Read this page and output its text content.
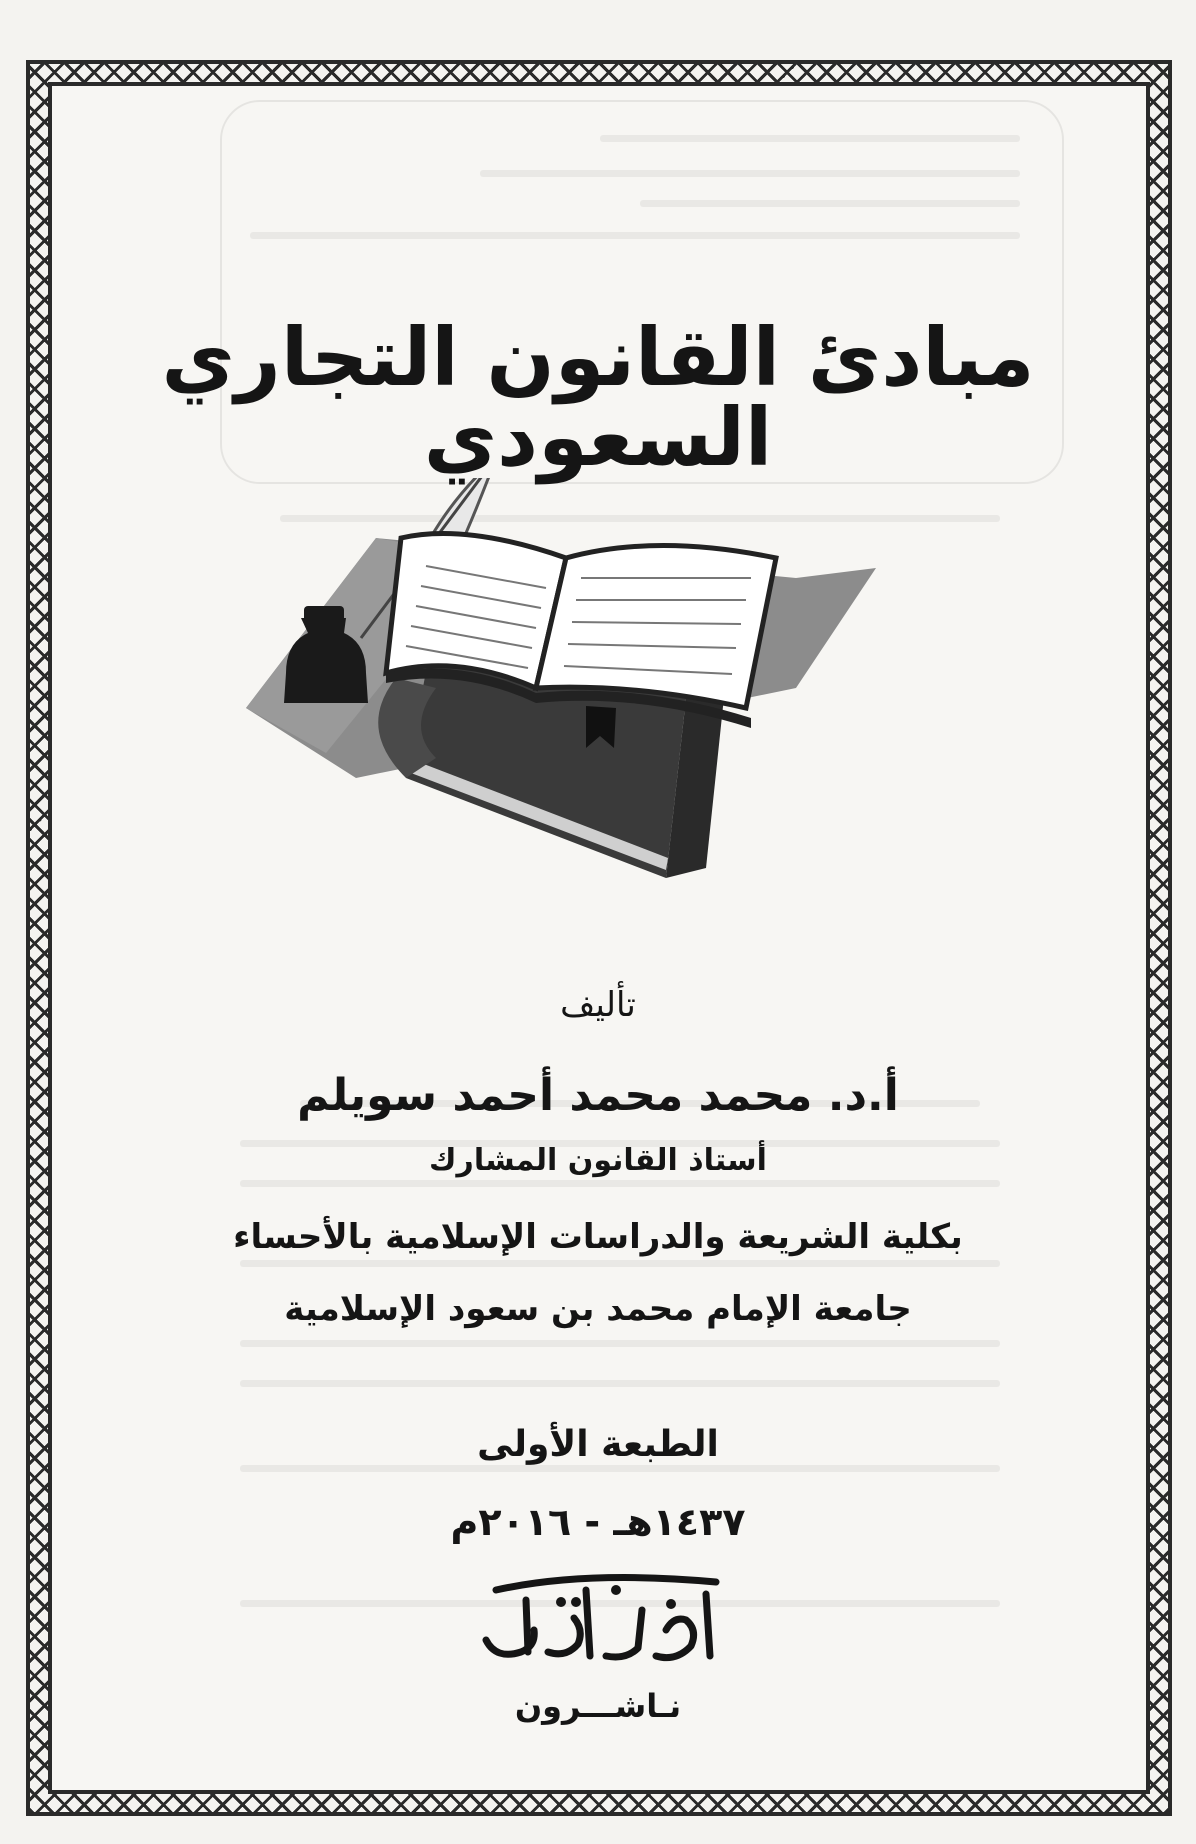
مبادئ القانون التجاري السعودي
تأليف
أ.د. محمد محمد أحمد سويلم
أستاذ القانون المشارك
بكلية الشريعة والدراسات الإسلامية بالأحساء
جامعة الإمام محمد بن سعود الإسلامية
الطبعة الأولى
١٤٣٧هـ - ٢٠١٦م
نـاشـــرون
